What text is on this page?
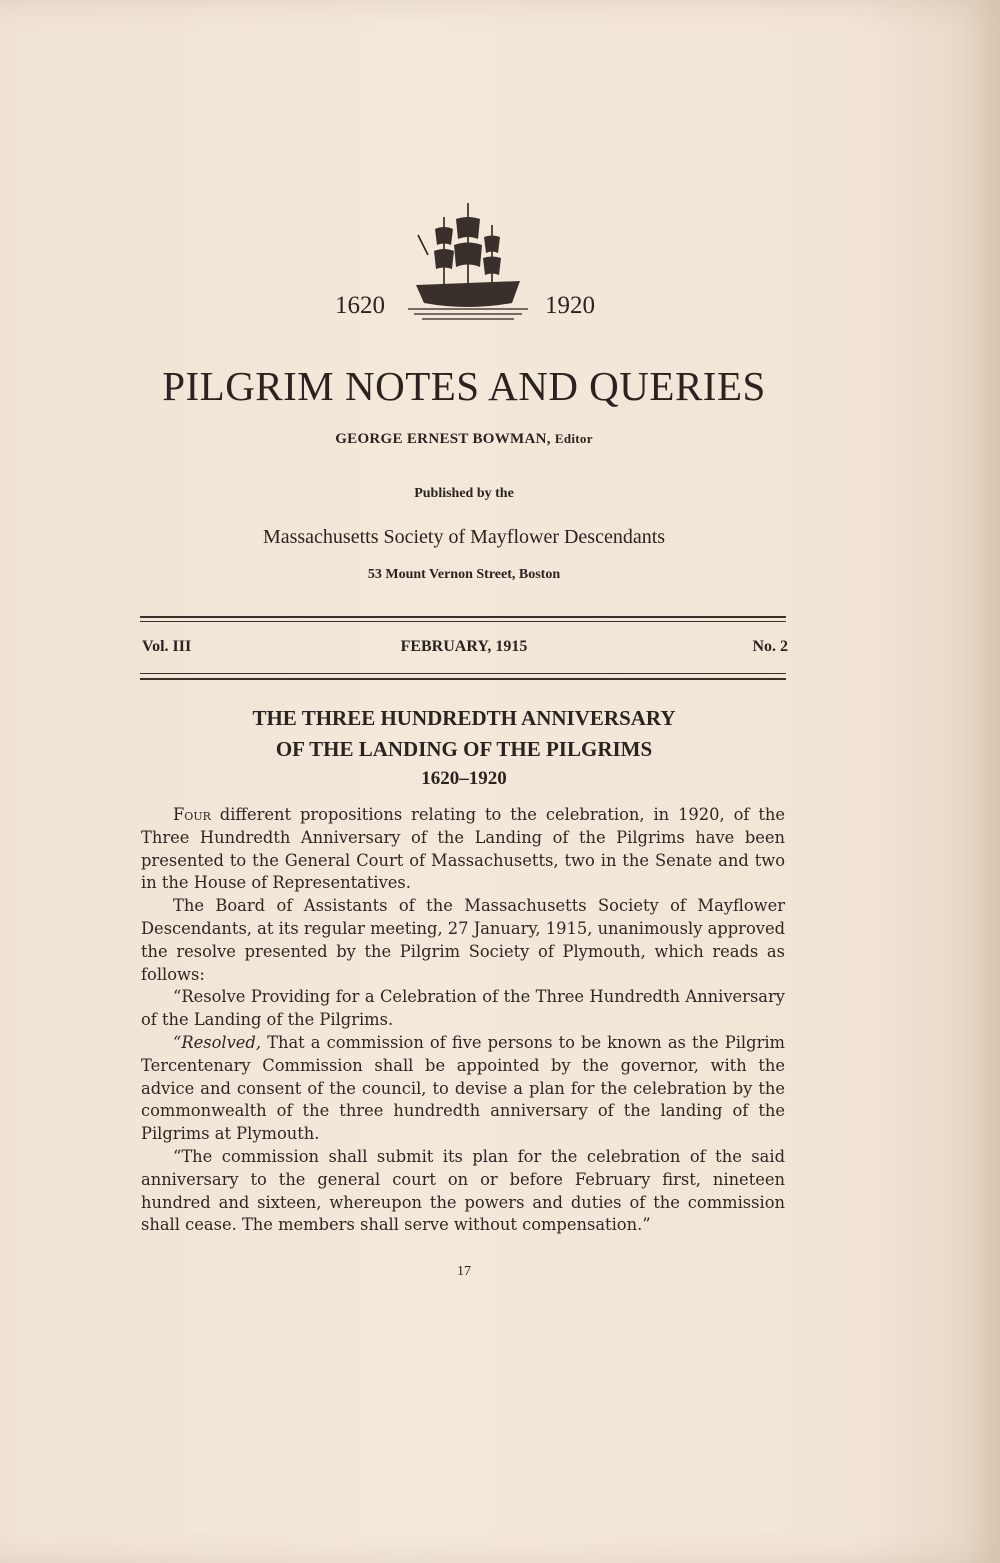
1620	1920
PILGRIM NOTES AND QUERIES
GEORGE ERNEST BOWMAN, Editor
Published by the
Massachusetts Society of Mayflower Descendants
53 Mount Vernon Street, Boston
Vol. III	FEBRUARY, 1915	No. 2
THE THREE HUNDREDTH ANNIVERSARY
OF THE LANDING OF THE PILGRIMS
1620–1920

Four different propositions relating to the celebration, in 1920, of the Three Hundredth Anniversary of the Landing of the Pilgrims have been presented to the General Court of Massachusetts, two in the Senate and two in the House of Representatives.

The Board of Assistants of the Massachusetts Society of Mayflower Descendants, at its regular meeting, 27 January, 1915, unanimously approved the resolve presented by the Pilgrim Society of Plymouth, which reads as follows:

“Resolve Providing for a Celebration of the Three Hundredth Anniversary of the Landing of the Pilgrims.

“Resolved, That a commission of five persons to be known as the Pilgrim Tercentenary Commission shall be appointed by the governor, with the advice and consent of the council, to devise a plan for the celebration by the commonwealth of the three hundredth anniversary of the landing of the Pilgrims at Plymouth.

“The commission shall submit its plan for the celebration of the said anniversary to the general court on or before February first, nineteen hundred and sixteen, whereupon the powers and duties of the commission shall cease. The members shall serve without compensation.”

17
